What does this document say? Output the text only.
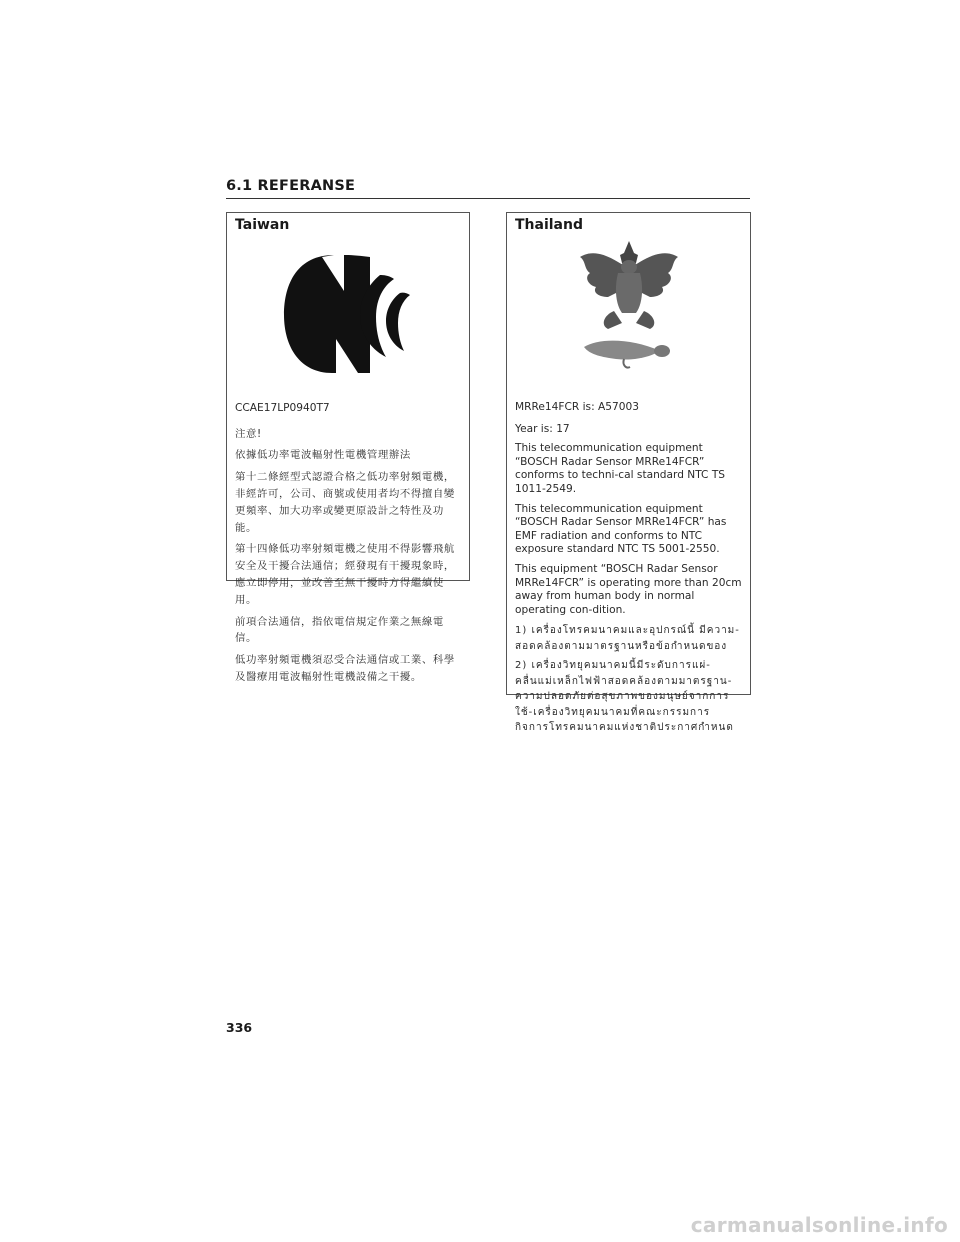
6.1 REFERANSE
Taiwan

CCAE17LP0940T7

注意!

依據低功率電波輻射性電機管理辦法

第十二條經型式認證合格之低功率射頻電機，非經許可，公司、商號或使用者均不得擅自變更頻率、加大功率或變更原設計之特性及功能。

第十四條低功率射頻電機之使用不得影響飛航安全及干擾合法通信；經發現有干擾現象時，應立即停用，並改善至無干擾時方得繼續使用。

前項合法通信，指依電信規定作業之無線電信。

低功率射頻電機須忍受合法通信或工業、科學及醫療用電波輻射性電機設備之干擾。

Thailand

MRRe14FCR is: A57003

Year is: 17

This telecommunication equipment “BOSCH Radar Sensor MRRe14FCR” conforms to techni-cal standard NTC TS 1011-2549.

This telecommunication equipment “BOSCH Radar Sensor MRRe14FCR” has EMF radiation and conforms to NTC exposure standard NTC TS 5001-2550.

This equipment “BOSCH Radar Sensor MRRe14FCR” is operating more than 20cm away from human body in normal operating con-dition.

1) เครื่องโทรคมนาคมและอุปกรณ์นี้ มีความ-สอดคล้องตามมาตรฐานหรือข้อกำหนดของ

2) เครื่องวิทยุคมนาคมนี้มีระดับการแผ่-คลื่นแม่เหล็กไฟฟ้าสอดคล้องตามมาตรฐาน-ความปลอดภัยต่อสุขภาพของมนุษย์จากการ ใช้-เครื่องวิทยุคมนาคมที่คณะกรรมการกิจการโทรคมนาคมแห่งชาติประกาศกำหนด

336
carmanualsonline.info
